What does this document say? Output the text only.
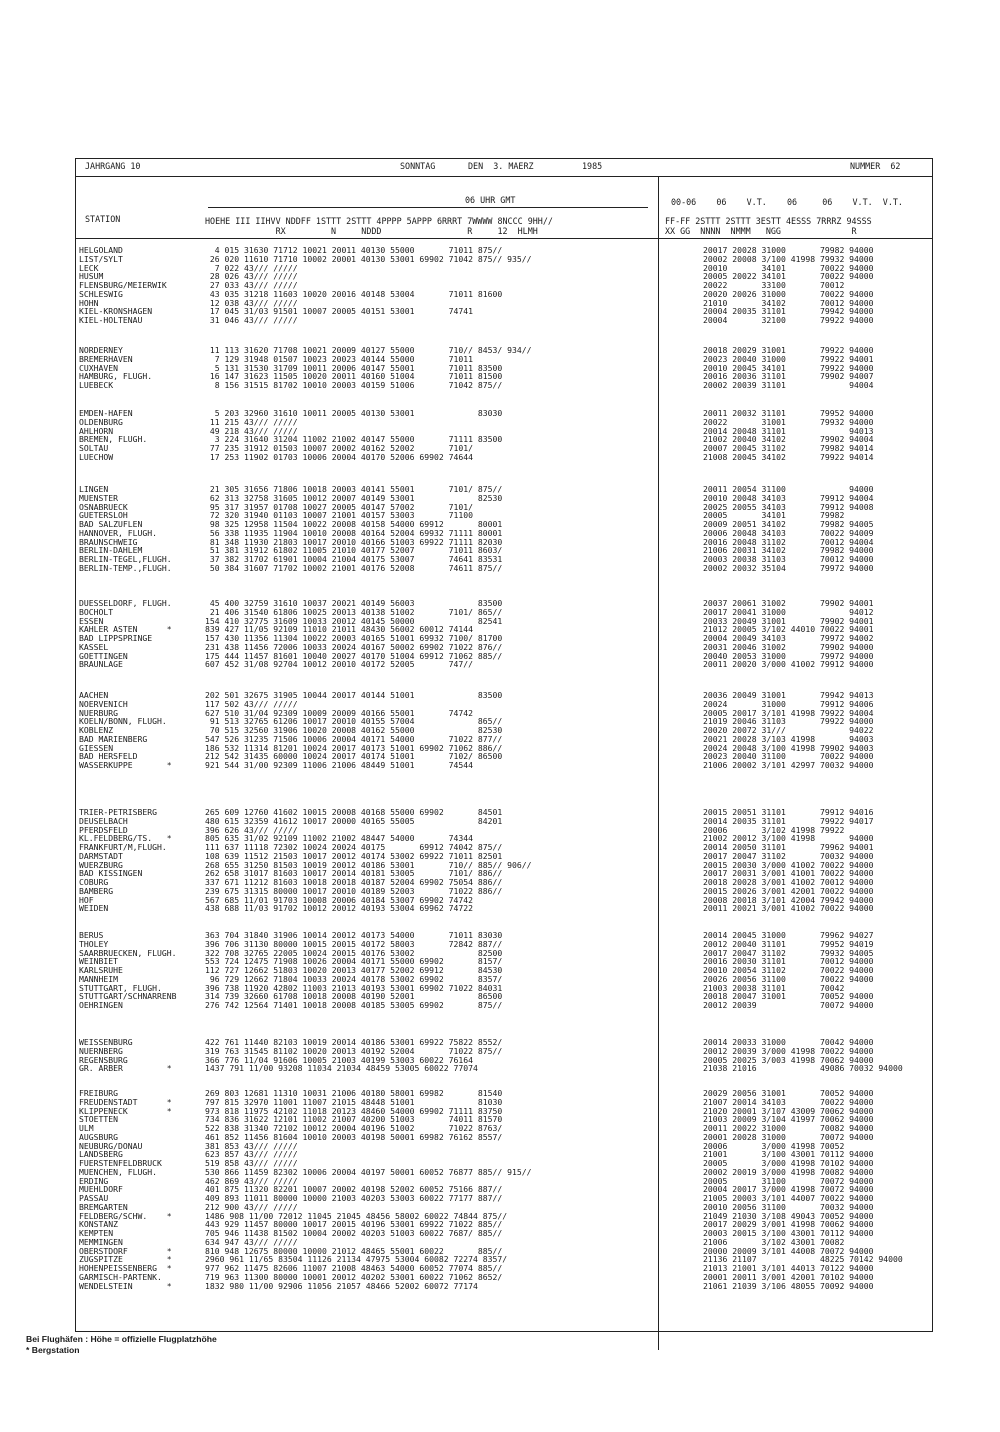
JAHRGANG 10	SONNTAG	DEN  3. MAERZ	1985	NUMMER  62
06 UHR GMT	00-06    06    V.T.    06     06    V.T.  V.T.
STATION	HOEHE III IIHVV NDDFF 1STTT 2STTT 4PPPP 5APPP 6RRRT 7WWWW 8NCCC 9HH//
RX         N     NDDD                 R     12  HLMH
FF-FF 2STTT 2STTT 3ESTT 4ESSS 7RRRZ 94SSS
XX GG  NNNN  NMMM   NGG              R
HELGOLAND	4 015 31630 71712 10021 20011 40130 55000       71011 875//	20017 20028 31000       79982 94000
LIST/SYLT	26 020 11610 71710 10002 20001 40130 53001 69902 71042 875// 935//	20002 20008 3/100 41998 79932 94000
LECK	7 022 43/// /////	20010       34101       70022 94000
HUSUM	28 026 43/// /////	20005 20022 34101       70022 94000
FLENSBURG/MEIERWIK	27 033 43/// /////	20022       33100       70012
SCHLESWIG	43 035 31218 11603 10020 20016 40148 53004       71011 81600	20020 20026 31000       70022 94000
HOHN	12 038 43/// /////	21010       34102       70012 94000
KIEL-KRONSHAGEN	17 045 31/03 91501 10007 20005 40151 53001       74741	20004 20035 31101       79942 94000
KIEL-HOLTENAU	31 046 43/// /////	20004       32100       79922 94000
NORDERNEY	11 113 31620 71708 10021 20009 40127 55000       710// 8453/ 934//	20018 20029 31001       79922 94000
BREMERHAVEN	7 129 31948 01507 10023 20023 40144 55000       71011	20023 20040 31000       79922 94001
CUXHAVEN	5 131 31530 31709 10011 20006 40147 55001       71011 83500	20010 20045 34101       79922 94000
HAMBURG, FLUGH.	16 147 31623 11505 10020 20011 40160 51004       71011 81500	20016 20036 31101       79902 94007
LUEBECK	8 156 31515 81702 10010 20003 40159 51006       71042 875//	20002 20039 31101             94004
EMDEN-HAFEN	5 203 32960 31610 10011 20005 40130 53001             83030	20011 20032 31101       79952 94000
OLDENBURG	11 215 43/// /////	20022       31001       79932 94000
AHLHORN	49 218 43/// /////	20014 20048 31101             94013
BREMEN, FLUGH.	3 224 31640 31204 11002 21002 40147 55000       71111 83500	21002 20040 34102       79902 94004
SOLTAU	77 235 31912 01503 10007 20002 40162 52002       7101/	20007 20045 31102       79982 94014
LUECHOW	17 253 11902 01703 10006 20004 40170 52006 69902 74644	21008 20045 34102       79922 94014
LINGEN	21 305 31656 71806 10018 20003 40141 55001       7101/ 875//	20011 20054 31100             94000
MUENSTER	62 313 32758 31605 10012 20007 40149 53001             82530	20010 20048 34103       79912 94004
OSNABRUECK	95 317 31957 01708 10027 20005 40147 57002       7101/	20025 20055 34103       79912 94008
GUETERSLOH	72 320 31940 01103 10007 21001 40157 53003       71100	20005       34101       79982
BAD SALZUFLEN	98 325 12958 11504 10022 20008 40158 54000 69912       80001	20009 20051 34102       79982 94005
HANNOVER, FLUGH.	56 338 11935 11904 10010 20008 40164 52004 69932 71111 80001	20006 20048 34103       70022 94009
BRAUNSCHWEIG	81 348 11930 21803 10017 20010 40166 51003 69922 71111 82030	20016 20048 31102       70012 94004
BERLIN-DAHLEM	51 381 31912 61802 11005 21010 40177 52007       71011 8603/	21006 20031 34102       79982 94000
BERLIN-TEGEL,FLUGH.	37 382 31702 61901 10004 21004 40175 53007       74641 83531	20003 20038 31103       70012 94000
BERLIN-TEMP.,FLUGH.	50 384 31607 71702 10002 21001 40176 52008       74611 875//	20002 20032 35104       79972 94000
DUESSELDORF, FLUGH.	45 400 32759 31610 10037 20021 40149 56003             83500	20037 20061 31002       79902 94001
BOCHOLT	21 406 31540 61806 10025 20013 40138 51002       7101/ 865//	20017 20041 31000             94012
ESSEN	154 410 32775 31609 10033 20012 40145 50000             82541	20033 20049 31001       79902 94001
KAHLER ASTEN      *	839 427 11/05 92109 11010 21011 48430 56002 60012 74144	21012 20005 3/102 44010 70022 94001
BAD LIPPSPRINGE	157 430 11356 11304 10022 20003 40165 51001 69932 7100/ 81700	20004 20049 34103       79972 94002
KASSEL	231 438 11456 72006 10033 20024 40167 50002 69902 71022 876//	20031 20046 31002       79902 94000
GOETTINGEN	175 444 11457 81601 10040 20027 40170 51004 69912 71062 885//	20040 20053 31000       79972 94000
BRAUNLAGE	607 452 31/08 92704 10012 20010 40172 52005       747//	20011 20020 3/000 41002 79912 94000
AACHEN	202 501 32675 31905 10044 20017 40144 51001             83500	20036 20049 31001       79942 94013
NOERVENICH	117 502 43/// /////	20024       31000       79912 94006
NUERBURG	627 510 31/04 92309 10009 20009 40166 55001       74742	20005 20017 3/101 41998 79922 94004
KOELN/BONN, FLUGH.	91 513 32765 61206 10017 20010 40155 57004             865//	21019 20046 31103       79922 94000
KOBLENZ	70 515 32560 31906 10020 20008 40162 55000             82530	20020 20072 31///             94022
BAD MARIENBERG	547 526 31235 71506 10006 20004 40171 54000       71022 877//	20021 20028 3/103 41998       94003
GIESSEN	186 532 11314 81201 10024 20017 40173 51001 69902 71062 886//	20024 20048 3/100 41998 79902 94003
BAD HERSFELD	212 542 31435 60000 10024 20017 40174 51001       7102/ 86500	20023 20040 31100       70022 94000
WASSERKUPPE       *	921 544 31/00 92309 11006 21006 48449 51001       74544	21006 20002 3/101 42997 70032 94000
TRIER-PETRISBERG	265 609 12760 41602 10015 20008 40168 55000 69902       84501	20015 20051 31101       79912 94016
DEUSELBACH	480 615 32359 41612 10017 20000 40165 55005             84201	20014 20035 31101       79922 94017
PFERDSFELD	396 626 43/// /////	20006       3/102 41998 79922
KL.FELDBERG/TS.   *	805 635 31/02 92109 11002 21002 48447 54000       74344	21002 20012 3/100 41998       94000
FRANKFURT/M,FLUGH.	111 637 11118 72302 10024 20024 40175       69912 74042 875//	20014 20050 31101       79962 94001
DARMSTADT	108 639 11512 21503 10017 20012 40174 53002 69922 71011 82501	20017 20047 31102       70032 94000
WUERZBURG	268 655 31250 81503 10019 20012 40186 53001       710// 885// 906//	20015 20030 3/000 41002 70022 94000
BAD KISSINGEN	262 658 31017 81603 10017 20014 40181 53005       7101/ 886//	20017 20031 3/001 41001 70022 94000
COBURG	337 671 11212 81603 10018 20018 40187 52004 69902 75054 886//	20018 20028 3/001 41002 70012 94000
BAMBERG	239 675 31315 80000 10017 20010 40189 52003       71022 886//	20015 20026 3/001 42001 70022 94000
HOF	567 685 11/01 91703 10008 20006 40184 53007 69902 74742	20008 20018 3/101 42004 79942 94000
WEIDEN	438 688 11/03 91702 10012 20012 40193 53004 69962 74722	20011 20021 3/001 41002 70022 94000
BERUS	363 704 31840 31906 10014 20012 40173 54000       71011 83030	20014 20045 31000       79962 94027
THOLEY	396 706 31130 80000 10015 20015 40172 58003       72842 887//	20012 20040 31101       79952 94019
SAARBRUECKEN, FLUGH.	322 708 32765 22005 10024 20015 40176 53002             82500	20017 20047 31102       79932 94005
WEINBIET	553 724 12475 71908 10026 20004 40171 55000 69902       8157/	20016 20030 31101       70012 94000
KARLSRUHE	112 727 12662 51803 10020 20013 40177 52002 69912       84530	20010 20054 31102       70022 94000
MANNHEIM	96 729 12662 71804 10033 20024 40178 53002 69902       8357/	20026 20056 31100       70022 94000
STUTTGART, FLUGH.	396 738 11920 42802 11003 21013 40193 53001 69902 71022 84031	21003 20038 31101       70042
STUTTGART/SCHNARRENB	314 739 32660 61708 10018 20008 40190 52001             86500	20018 20047 31001       70052 94000
OEHRINGEN	276 742 12564 71401 10018 20008 40185 53005 69902       875//	20012 20039             70072 94000
WEISSENBURG	422 761 11440 82103 10019 20014 40186 53001 69922 75822 8552/	20014 20033 31000       70042 94000
NUERNBERG	319 763 31545 81102 10020 20013 40192 52004       71022 875//	20012 20039 3/000 41998 70022 94000
REGENSBURG	366 776 11/04 91606 10005 21003 40199 53003 60022 76164	20005 20025 3/003 41998 70062 94000
GR. ARBER         *	1437 791 11/00 93208 11034 21034 48459 53005 60022 77074	21038 21016             49086 70032 94000
FREIBURG	269 803 12681 11310 10031 21006 40180 58001 69982       81540	20029 20056 31001       70052 94000
FREUDENSTADT      *	797 815 32970 11001 11007 21015 48448 51001             81030	21007 20014 34103       70022 94000
KLIPPENECK        *	973 818 11975 42102 11018 20123 48460 54000 69902 71111 83750	21020 20001 3/107 43009 70062 94000
STOETTEN	734 836 31622 12101 11002 21007 40200 51003       74011 81570	21003 20009 3/104 41997 70062 94000
ULM	522 838 31340 72102 10012 20004 40196 51002       71022 8763/	20011 20022 31000       70082 94000
AUGSBURG	461 852 11456 81604 10010 20003 40198 50001 69982 76162 8557/	20001 20028 31000       70072 94000
NEUBURG/DONAU	381 853 43/// /////	20006       3/000 41998 70052
LANDSBERG	623 857 43/// /////	21001       3/100 43001 70112 94000
FUERSTENFELDBRUCK	519 858 43/// /////	20005       3/000 41998 70102 94000
MUENCHEN, FLUGH.	530 866 11459 82302 10006 20004 40197 50001 60052 76877 885// 915//	20002 20019 3/000 41998 70082 94000
ERDING	462 869 43/// /////	20005       31100       70072 94000
MUEHLDORF	401 875 11320 82201 10007 20002 40198 52002 60052 75166 887//	20004 20017 3/000 41998 70072 94000
PASSAU	409 893 11011 80000 10000 21003 40203 53003 60022 77177 887//	21005 20003 3/101 44007 70022 94000
BREMGARTEN	212 900 43/// /////	20010 20056 31100       70032 94000
FELDBERG/SCHW.    *	1486 908 11/00 72012 11045 21045 48456 58002 60022 74844 875//	21049 21030 3/108 49043 70052 94000
KONSTANZ	443 929 11457 80000 10017 20015 40196 53001 69922 71022 885//	20017 20029 3/001 41998 70062 94000
KEMPTEN	705 946 11438 81502 10004 20002 40203 51003 60022 7687/ 885//	20003 20015 3/100 43001 70112 94000
MEMMINGEN	634 947 43/// /////	21006       3/102 43001 70082
OBERSTDORF        *	810 948 12675 80000 10000 21012 48465 55001 60022       885//	20000 20009 3/101 44008 70072 94000
ZUGSPITZE         *	2960 961 11/65 83504 11126 21134 47975 53004 60082 72274 8357/	21136 21107             48225 70142 94000
HOHENPEISSENBERG  *	977 962 11475 82606 11007 21008 48463 54000 60052 77074 885//	21013 21001 3/101 44013 70122 94000
GARMISCH-PARTENK.	719 963 11300 80000 10001 20012 40202 53001 60022 71062 8652/	20001 20011 3/001 42001 70102 94000
WENDELSTEIN       *	1832 980 11/00 92906 11056 21057 48466 52002 60072 77174	21061 21039 3/106 48055 70092 94000
Bei Flughäfen : Höhe = offizielle Flugplatzhöhe
* Bergstation
